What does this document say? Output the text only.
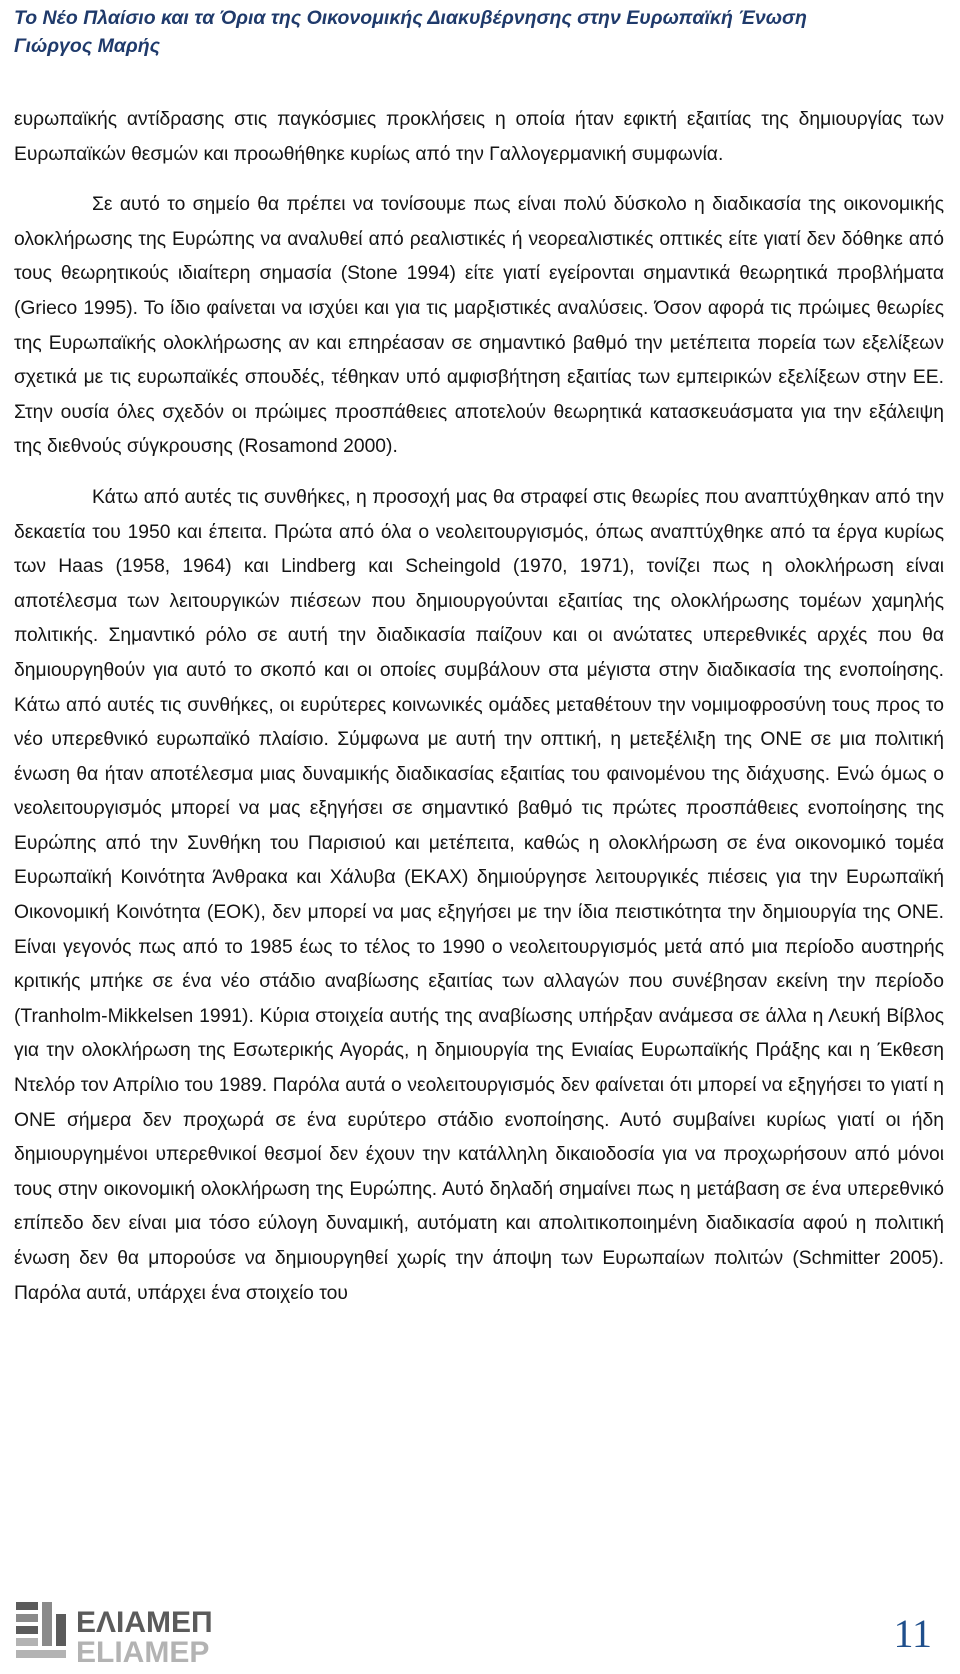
Το Νέο Πλαίσιο και τα Όρια της Οικονομικής Διακυβέρνησης στην Ευρωπαϊκή Ένωση
Γιώργος Μαρής

ευρωπαϊκής αντίδρασης στις παγκόσμιες προκλήσεις η οποία ήταν εφικτή εξαιτίας της δημιουργίας των Ευρωπαϊκών θεσμών και προωθήθηκε κυρίως από την Γαλλογερμανική συμφωνία.

Σε αυτό το σημείο θα πρέπει να τονίσουμε πως είναι πολύ δύσκολο η διαδικασία της οικονομικής ολοκλήρωσης της Ευρώπης να αναλυθεί από ρεαλιστικές ή νεορεαλιστικές οπτικές είτε γιατί δεν δόθηκε από τους θεωρητικούς ιδιαίτερη σημασία (Stone 1994) είτε γιατί εγείρονται σημαντικά θεωρητικά προβλήματα (Grieco 1995). Το ίδιο φαίνεται να ισχύει και για τις μαρξιστικές αναλύσεις. Όσον αφορά τις πρώιμες θεωρίες της Ευρωπαϊκής ολοκλήρωσης αν και επηρέασαν σε σημαντικό βαθμό την μετέπειτα πορεία των εξελίξεων σχετικά με τις ευρωπαϊκές σπουδές, τέθηκαν υπό αμφισβήτηση εξαιτίας των εμπειρικών εξελίξεων στην ΕΕ. Στην ουσία όλες σχεδόν οι πρώιμες προσπάθειες αποτελούν θεωρητικά κατασκευάσματα για την εξάλειψη της διεθνούς σύγκρουσης (Rosamond 2000).

Κάτω από αυτές τις συνθήκες, η προσοχή μας θα στραφεί στις θεωρίες που αναπτύχθηκαν από την δεκαετία του 1950 και έπειτα. Πρώτα από όλα ο νεολειτουργισμός, όπως αναπτύχθηκε από τα έργα κυρίως των Haas (1958, 1964) και Lindberg και Scheingold (1970, 1971), τονίζει πως η ολοκλήρωση είναι αποτέλεσμα των λειτουργικών πιέσεων που δημιουργούνται εξαιτίας της ολοκλήρωσης τομέων χαμηλής πολιτικής. Σημαντικό ρόλο σε αυτή την διαδικασία παίζουν και οι ανώτατες υπερεθνικές αρχές που θα δημιουργηθούν για αυτό το σκοπό και οι οποίες συμβάλουν στα μέγιστα στην διαδικασία της ενοποίησης. Κάτω από αυτές τις συνθήκες, οι ευρύτερες κοινωνικές ομάδες μεταθέτουν την νομιμοφροσύνη τους προς το νέο υπερεθνικό ευρωπαϊκό πλαίσιο. Σύμφωνα με αυτή την οπτική, η μετεξέλιξη της ΟΝΕ σε μια πολιτική ένωση θα ήταν αποτέλεσμα μιας δυναμικής διαδικασίας εξαιτίας του φαινομένου της διάχυσης. Ενώ όμως ο νεολειτουργισμός μπορεί να μας εξηγήσει σε σημαντικό βαθμό τις πρώτες προσπάθειες ενοποίησης της Ευρώπης από την Συνθήκη του Παρισιού και μετέπειτα, καθώς η ολοκλήρωση σε ένα οικονομικό τομέα Ευρωπαϊκή Κοινότητα Άνθρακα και Χάλυβα (ΕΚΑΧ) δημιούργησε λειτουργικές πιέσεις για την Ευρωπαϊκή Οικονομική Κοινότητα (ΕΟΚ), δεν μπορεί να μας εξηγήσει με την ίδια πειστικότητα την δημιουργία της ΟΝΕ. Είναι γεγονός πως από το 1985 έως το τέλος το 1990 ο νεολειτουργισμός μετά από μια περίοδο αυστηρής κριτικής μπήκε σε ένα νέο στάδιο αναβίωσης εξαιτίας των αλλαγών που συνέβησαν εκείνη την περίοδο (Tranholm-Mikkelsen 1991). Κύρια στοιχεία αυτής της αναβίωσης υπήρξαν ανάμεσα σε άλλα η Λευκή Βίβλος για την ολοκλήρωση της Εσωτερικής Αγοράς, η δημιουργία της Ενιαίας Ευρωπαϊκής Πράξης και η Έκθεση Ντελόρ τον Απρίλιο του 1989. Παρόλα αυτά ο νεολειτουργισμός δεν φαίνεται ότι μπορεί να εξηγήσει το γιατί η ΟΝΕ σήμερα δεν προχωρά σε ένα ευρύτερο στάδιο ενοποίησης. Αυτό συμβαίνει κυρίως γιατί οι ήδη δημιουργημένοι υπερεθνικοί θεσμοί δεν έχουν την κατάλληλη δικαιοδοσία για να προχωρήσουν από μόνοι τους στην οικονομική ολοκλήρωση της Ευρώπης. Αυτό δηλαδή σημαίνει πως η μετάβαση σε ένα υπερεθνικό επίπεδο δεν είναι μια τόσο εύλογη δυναμική, αυτόματη και απολιτικοποιημένη διαδικασία αφού η πολιτική ένωση δεν θα μπορούσε να δημιουργηθεί χωρίς την άποψη των Ευρωπαίων πολιτών (Schmitter 2005). Παρόλα αυτά, υπάρχει ένα στοιχείο του

ΕΛΙΑΜΕΠ
ELIAMEP	11
